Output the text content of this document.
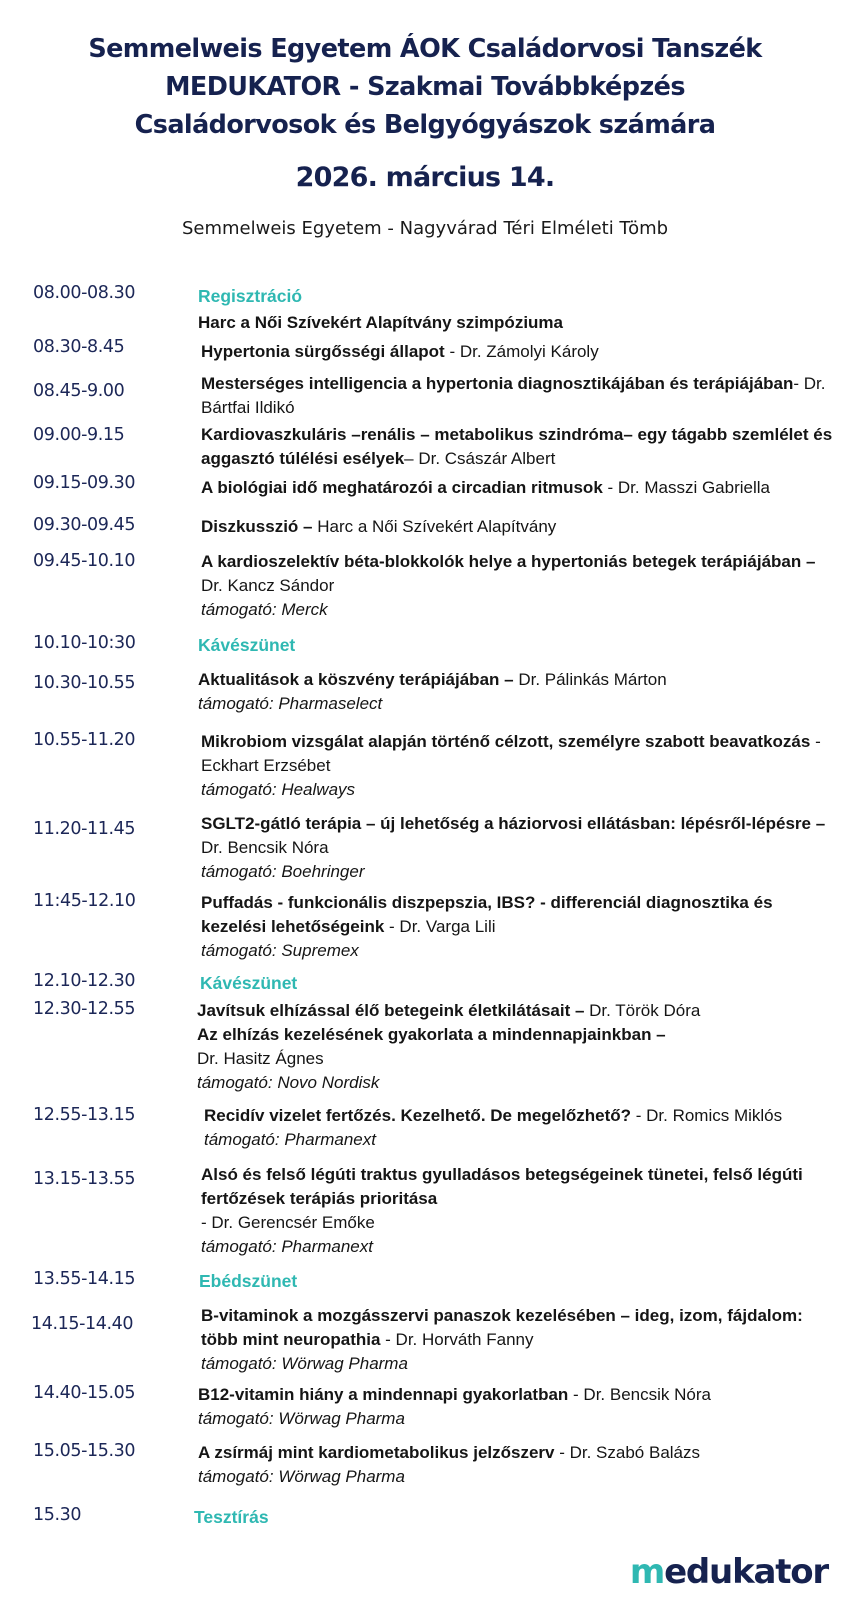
Semmelweis Egyetem ÁOK Családorvosi Tanszék
MEDUKATOR - Szakmai Továbbképzés
Családorvosok és Belgyógyászok számára
2026. március 14.
Semmelweis Egyetem - Nagyvárad Téri Elméleti Tömb
08.00-08.30	Regisztráció
Harc a Női Szívekért Alapítvány szimpóziuma
08.30-8.45	Hypertonia sürgősségi állapot - Dr. Zámolyi Károly
08.45-9.00	Mesterséges intelligencia a hypertonia diagnosztikájában és terápiájában- Dr. Bártfai Ildikó
09.00-9.15	Kardiovaszkuláris –renális – metabolikus szindróma– egy tágabb szemlélet és aggasztó túlélési esélyek– Dr. Császár Albert
09.15-09.30	A biológiai idő meghatározói a circadian ritmusok - Dr. Masszi Gabriella
09.30-09.45	Diszkusszió – Harc a Női Szívekért Alapítvány
09.45-10.10	A kardioszelektív béta-blokkolók helye a hypertoniás betegek terápiájában – Dr. Kancz Sándor
támogató: Merck
10.10-10:30	Kávészünet
10.30-10.55	Aktualitások a köszvény terápiájában – Dr. Pálinkás Márton
támogató: Pharmaselect
10.55-11.20	Mikrobiom vizsgálat alapján történő célzott, személyre szabott beavatkozás - Eckhart Erzsébet
támogató: Healways
11.20-11.45	SGLT2-gátló terápia – új lehetőség a háziorvosi ellátásban: lépésről-lépésre – Dr. Bencsik Nóra
támogató: Boehringer
11:45-12.10	Puffadás - funkcionális diszpepszia, IBS? - differenciál diagnosztika és kezelési lehetőségeink - Dr. Varga Lili
támogató: Supremex
12.10-12.30	Kávészünet
12.30-12.55	Javítsuk elhízással élő betegeink életkilátásait – Dr. Török Dóra
Az elhízás kezelésének gyakorlata a mindennapjainkban –
Dr. Hasitz Ágnes
támogató: Novo Nordisk
12.55-13.15	Recidív vizelet fertőzés. Kezelhető. De megelőzhető? - Dr. Romics Miklós
támogató: Pharmanext
13.15-13.55	Alsó és felső légúti traktus gyulladásos betegségeinek tünetei, felső légúti fertőzések terápiás prioritása
- Dr. Gerencsér Emőke
támogató: Pharmanext
13.55-14.15	Ebédszünet
14.15-14.40	B-vitaminok a mozgásszervi panaszok kezelésében – ideg, izom, fájdalom: több mint neuropathia - Dr. Horváth Fanny
támogató: Wörwag Pharma
14.40-15.05	B12-vitamin hiány a mindennapi gyakorlatban - Dr. Bencsik Nóra
támogató: Wörwag Pharma
15.05-15.30	A zsírmáj mint kardiometabolikus jelzőszerv - Dr. Szabó Balázs
támogató: Wörwag Pharma
15.30	Tesztírás
medukator
